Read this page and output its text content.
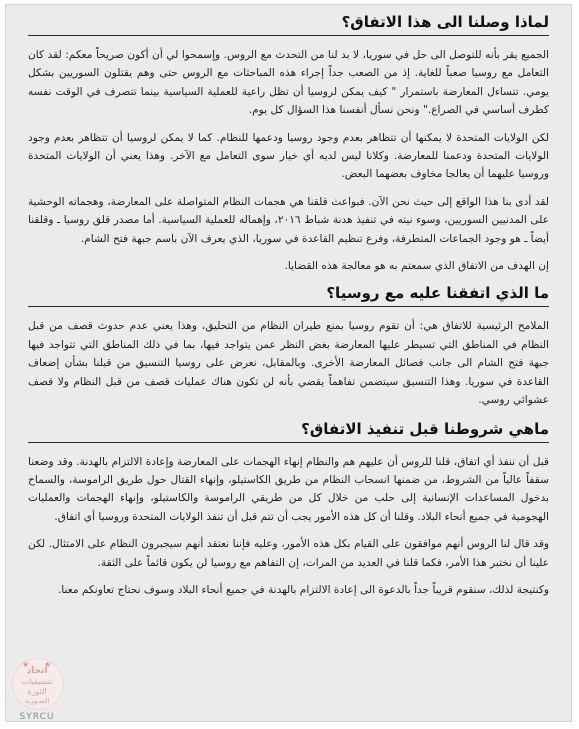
لماذا وصلنا الى هذا الاتفاق؟

الجميع يقر بأنه للتوصل الى حل في سوريا، لا بد لنا من التحدث مع الروس. وإسمحوا لي أن أكون صريحاً معكم: لقد كان التعامل مع روسيا صعباً للغاية. إذ من الصعب جداً إجراء هذه المباحثات مع الروس حتى وهم يقتلون السوريين بشكل يومي. تتساءل المعارضة باستمرار " كيف يمكن لروسيا أن تظل راعية للعملية السياسية بينما تتصرف في الوقت نفسه كطرف أساسي في الصراع." ونحن نسأل أنفسنا هذا السؤال كل يوم.

لكن الولايات المتحدة لا يمكنها أن تتظاهر بعدم وجود روسيا ودعمها للنظام. كما لا يمكن لروسيا أن تتظاهر بعدم وجود الولايات المتحدة ودعمنا للمعارضة. وكلانا ليس لديه أي خيار سوى التعامل مع الآخر. وهذا يعني أن الولايات المتحدة وروسيا عليهما أن يعالجا مخاوف بعضهما البعض.

لقد أدى بنا هذا الواقع إلى حيث نحن الآن. فبواعث قلقنا هي هجمات النظام المتواصلة على المعارضة، وهجماته الوحشية على المدنيين السوريين، وسوء نيته في تنفيذ هدنة شباط ٢٠١٦، وإهماله للعملية السياسية. أما مصدر قلق روسيا ـ وقلقنا أيضاً ـ هو وجود الجماعات المتطرفة، وفرع تنظيم القاعدة في سوريا، الذي يعرف الآن باسم جبهة فتح الشام.

إن الهدف من الاتفاق الذي سمعتم به هو معالجة هذه القضايا.

ما الذي اتفقنا عليه مع روسيا؟

الملامح الرئيسية للاتفاق هي: أن تقوم روسيا بمنع طيران النظام من التحليق، وهذا يعني عدم حدوث قصف من قبل النظام في المناطق التي تسيطر عليها المعارضة بغض النظر عمن يتواجد فيها، بما في ذلك المناطق التي تتواجد فيها جبهة فتح الشام الى جانب فصائل المعارضة الأخرى. وبالمقابل، نعرض على روسيا التنسيق من قبلنا بشأن إضعاف القاعدة في سوريا. وهذا التنسيق سيتضمن تفاهماً يقضي بأنه لن تكون هناك عمليات قصف من قبل النظام ولا قصف عشوائي روسي.

ماهي شروطنا قبل تنفيذ الاتفاق؟

قبل أن ننفذ أي اتفاق، قلنا للروس أن عليهم هم والنظام إنهاء الهجمات على المعارضة وإعادة الالتزام بالهدنة. وقد وضعنا سقفاً عالياً من الشروط، من ضمنها انسحاب النظام من طريق الكاستيلو، وإنهاء القتال حول طريق الراموسة، والسماح بدخول المساعدات الإنسانية إلى حلب من خلال كل من طريقي الراموسة والكاستيلو، وإنهاء الهجمات والعمليات الهجومية في جميع أنحاء البلاد. وقلنا أن كل هذه الأمور يجب أن تتم قبل أن تنفذ الولايات المتحدة وروسيا أي اتفاق.

وقد قال لنا الروس أنهم موافقون على القيام بكل هذه الأمور، وعليه فإننا نعتقد أنهم سيجبرون النظام على الامتثال. لكن علينا أن نختبر هذا الأمر، فكما قلنا في العديد من المرات، إن التفاهم مع روسيا لن يكون قائماً على الثقة.

وكنتيجة لذلك، سنقوم قريباً جداً بالدعوة الى إعادة الالتزام بالهدنة في جميع أنحاء البلاد وسوف نحتاج تعاونكم معنا.

★ ★
اتحاد
تنسيقيات
الثورة
السـورية
SYRCU
